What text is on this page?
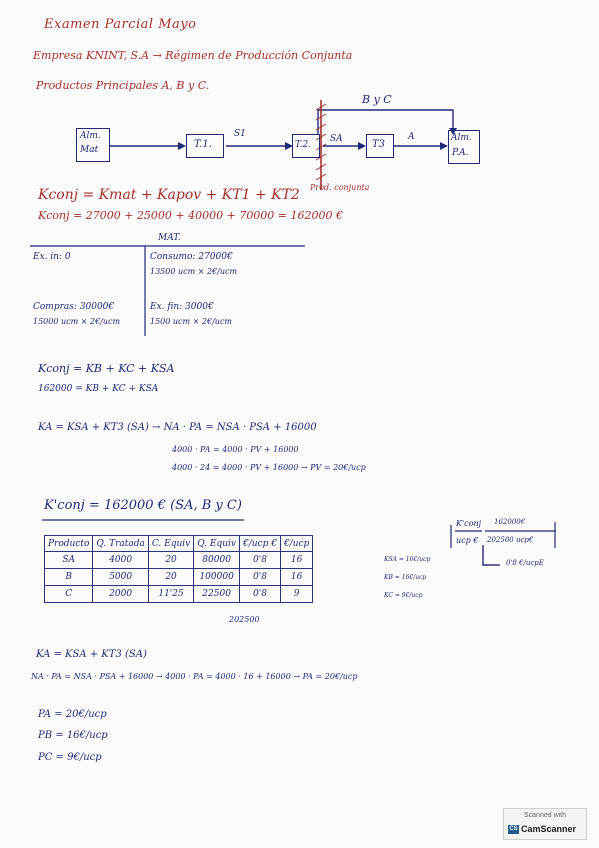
Examen Parcial Mayo
Empresa KNINT, S.A → Régimen de Producción Conjunta
Productos Principales A, B y C.
Alm.
Mat	T.1.
S1
T.2.
SA	T3
A	Alm.
P.A.
B y C
Prod. conjunta
Kconj = Kmat + Kapov + KT1 + KT2
Kconj = 27000 + 25000 + 40000 + 70000 = 162000 €
MAT.
Ex. in: 0	Consumo: 27000€
13500 ucm × 2€/ucm
Compras: 30000€
15000 ucm × 2€/ucm
Ex. fin: 3000€
1500 ucm × 2€/ucm
Kconj = KB + KC + KSA
162000 = KB + KC + KSA
KA = KSA + KT3 (SA) → NA · PA = NSA · PSA + 16000
4000 · PA = 4000 · PV + 16000
4000 · 24 = 4000 · PV + 16000 → PV = 20€/ucp
K'conj = 162000 € (SA, B y C)
K'conj
ucp €
162000€
202500 ucp€
0'8 €/ucpE
Producto	Q. Tratada	C. Equiv	Q. Equiv	€/ucp €	€/ucp
SA	4000	20	80000	0'8	16
B	5000	20	100000	0'8	16
C	2000	11'25	22500	0'8	9
202500
KSA = 16€/ucp
KB = 16€/ucp
KC = 9€/ucp
KA = KSA + KT3 (SA)
NA · PA = NSA · PSA + 16000 → 4000 · PA = 4000 · 16 + 16000 → PA = 20€/ucp
PA = 20€/ucp
PB = 16€/ucp
PC = 9€/ucp
Scanned with
CS CamScanner
